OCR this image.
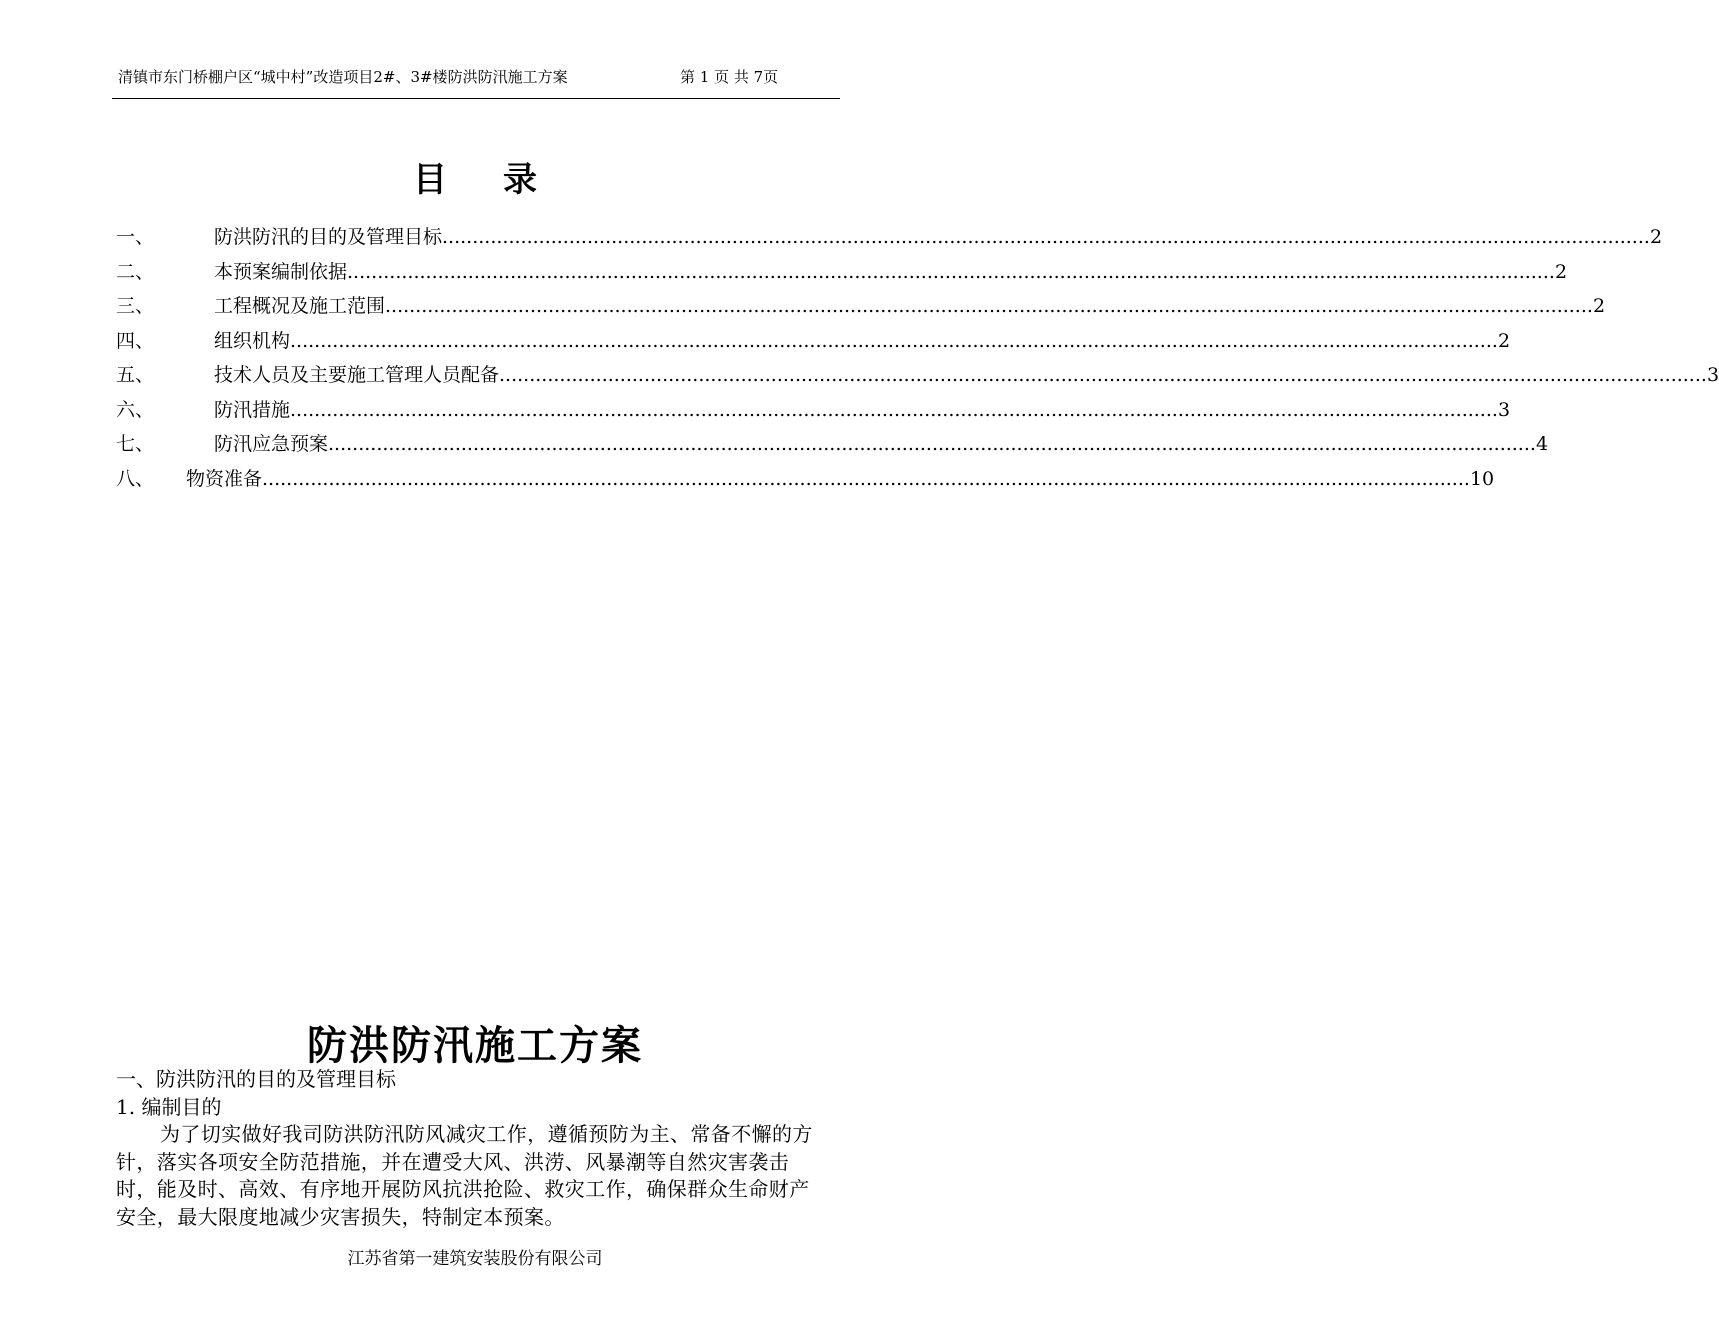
清镇市东门桥棚户区“城中村”改造项目2#、3#楼防洪防汛施工方案	第 1 页 共 7页
目录
一、	防洪防汛的目的及管理目标 ........................................................................................................................................................................................................ 2
二、	本预案编制依据 ........................................................................................................................................................................................................ 2
三、	工程概况及施工范围 ........................................................................................................................................................................................................ 2
四、	组织机构 ........................................................................................................................................................................................................ 2
五、	技术人员及主要施工管理人员配备 ........................................................................................................................................................................................................ 3
六、	防汛措施 ........................................................................................................................................................................................................ 3
七、	防汛应急预案 ........................................................................................................................................................................................................ 4
八、	物资准备 ........................................................................................................................................................................................................ 10
防洪防汛施工方案

一、防洪防汛的目的及管理目标

1. 编制目的

为了切实做好我司防洪防汛防风减灾工作，遵循预防为主、常备不懈的方针，落实各项安全防范措施，并在遭受大风、洪涝、风暴潮等自然灾害袭击时，能及时、高效、有序地开展防风抗洪抢险、救灾工作，确保群众生命财产安全，最大限度地减少灾害损失，特制定本预案。

江苏省第一建筑安装股份有限公司
